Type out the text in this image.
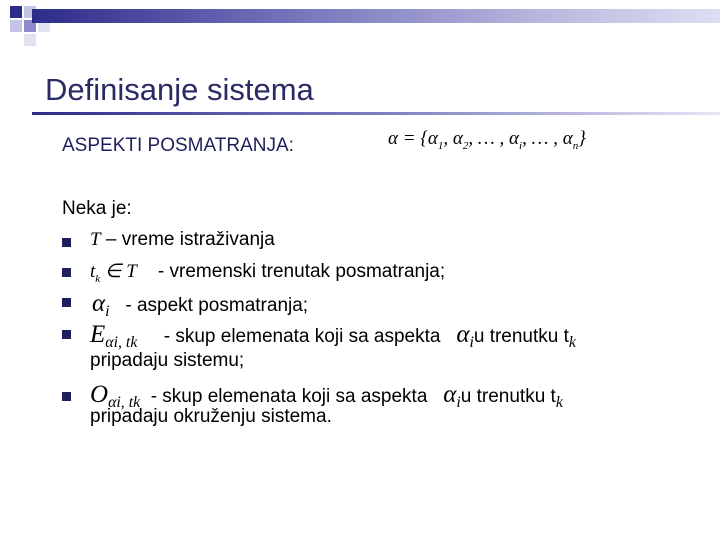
Definisanje sistema
ASPEKTI POSMATRANJA:	$\alpha = \{\alpha_1$, $\alpha_2$, … , $\alpha_i$, … , $\alpha_n$}
Neka je:
T – vreme istraživanja
$t_k$ ∈ T - vremenski trenutak posmatranja;
$\alpha_i$ - aspekt posmatranja;
$E_{\alpha i, tk}$ - skup elemenata koji sa aspekta $\alpha_iu$ trenutku $t_k$
pripadaju sistemu;
$O_{\alpha i, tk}$ - skup elemenata koji sa aspekta $\alpha_iu$ trenutku $t_k$
pripadaju okruženju sistema.
